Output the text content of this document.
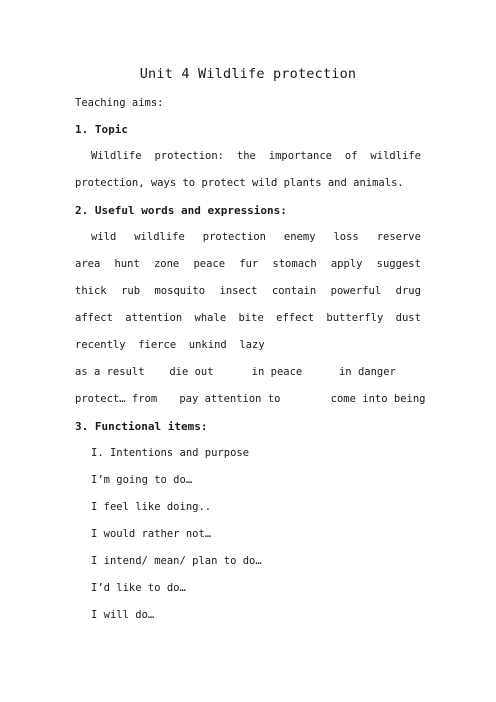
Unit 4 Wildlife protection
Teaching aims:
1. Topic
Wildlife protection: the importance of wildlife
protection, ways to protect wild plants and animals.
2. Useful words and expressions:
wild wildlife protection enemy loss reserve
area hunt zone peace fur stomach apply suggest
thick rub mosquito insect contain powerful drug
affect attention whale bite effect butterfly dust
recently  fierce  unkind  lazy
as a result die out	in peace	in danger
protect… from pay attention to	come into being
3. Functional items:
I. Intentions and purpose
I’m going to do…
I feel like doing..
I would rather not…
I intend/ mean/ plan to do…
I’d like to do…
I will do…
